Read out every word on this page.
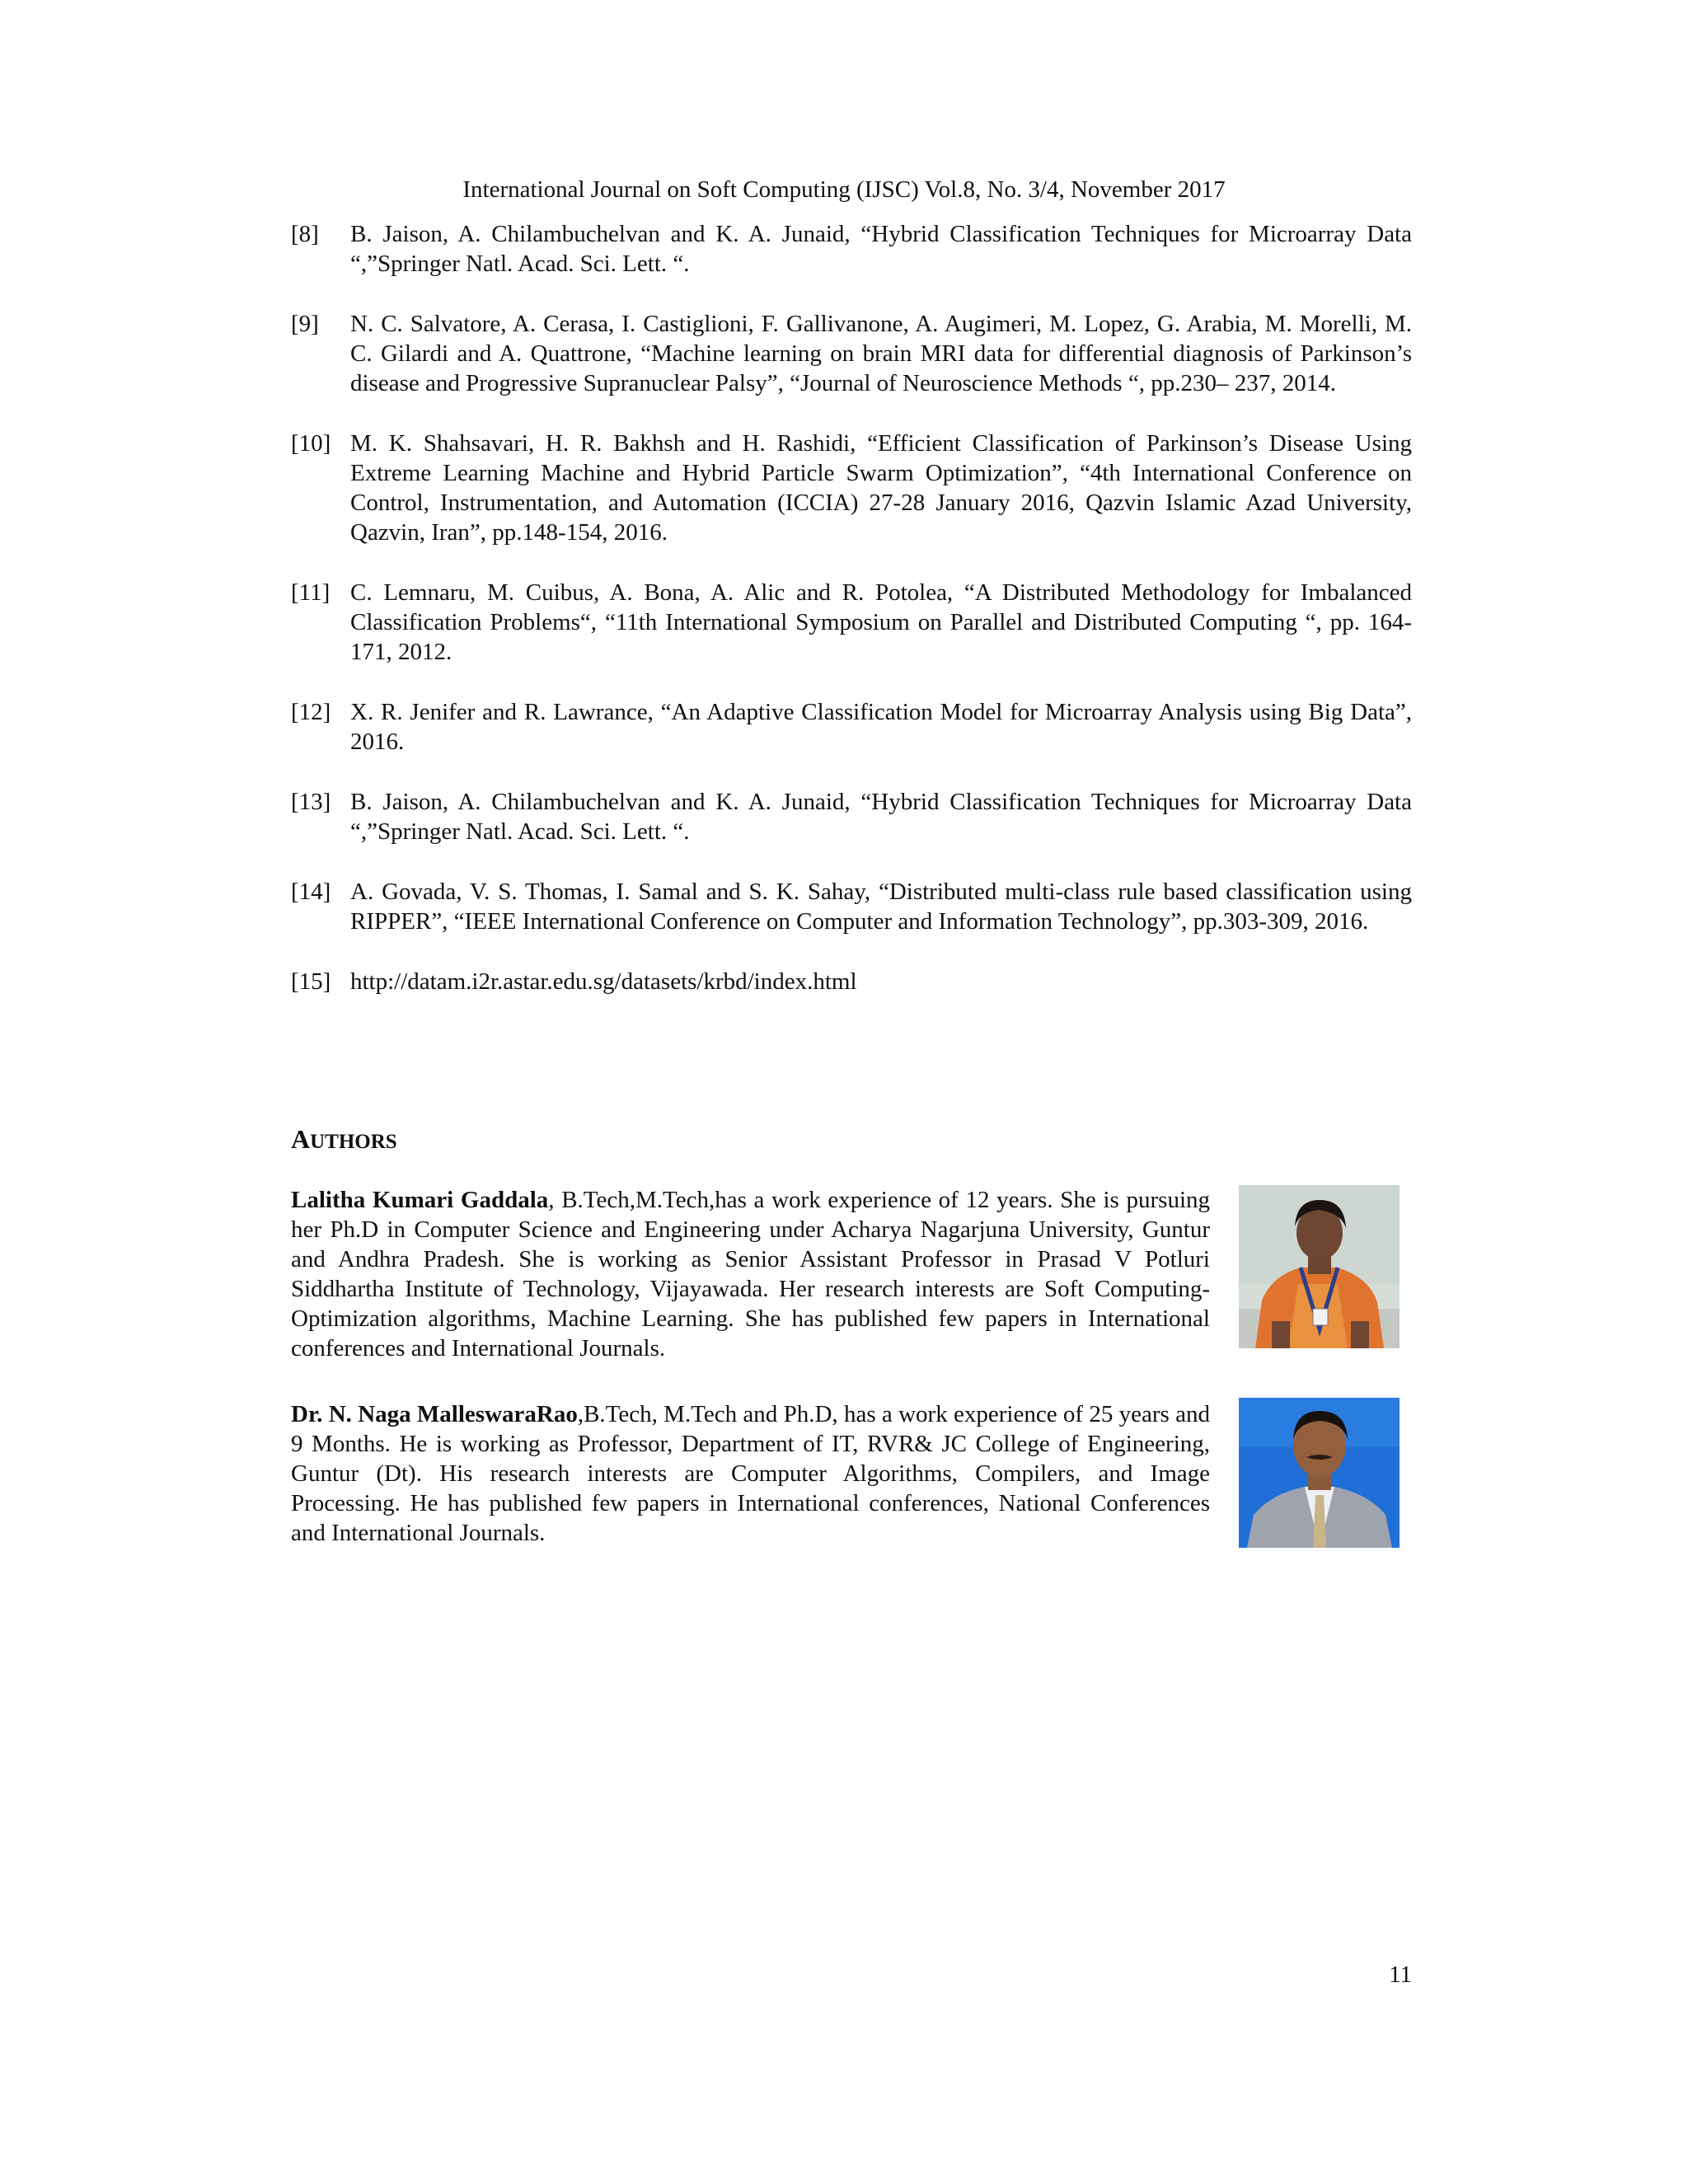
International Journal on Soft Computing (IJSC) Vol.8, No. 3/4, November 2017
[8]	B. Jaison, A. Chilambuchelvan and K. A. Junaid, “Hybrid Classification Techniques for Microarray Data “,”Springer Natl. Acad. Sci. Lett. “.
[9]	N. C. Salvatore, A. Cerasa, I. Castiglioni, F. Gallivanone, A. Augimeri, M. Lopez, G. Arabia, M. Morelli, M. C. Gilardi and A. Quattrone, “Machine learning on brain MRI data for differential diagnosis of Parkinson’s disease and Progressive Supranuclear Palsy”, “Journal of Neuroscience Methods “, pp.230– 237, 2014.
[10] M. K. Shahsavari, H. R. Bakhsh and H. Rashidi, “Efficient Classification of Parkinson’s Disease Using Extreme Learning Machine and Hybrid Particle Swarm Optimization”, “4th International Conference on Control, Instrumentation, and Automation (ICCIA) 27-28 January 2016, Qazvin Islamic Azad University, Qazvin, Iran”, pp.148-154, 2016.
[11] C. Lemnaru, M. Cuibus, A. Bona, A. Alic and R. Potolea, “A Distributed Methodology for Imbalanced Classification Problems“, “11th International Symposium on Parallel and Distributed Computing “, pp. 164-171, 2012.
[12] X. R. Jenifer and R. Lawrance, “An Adaptive Classification Model for Microarray Analysis using Big Data”, 2016.
[13] B. Jaison, A. Chilambuchelvan and K. A. Junaid, “Hybrid Classification Techniques for Microarray Data “,”Springer Natl. Acad. Sci. Lett. “.
[14] A. Govada, V. S. Thomas, I. Samal and S. K. Sahay, “Distributed multi-class rule based classification using RIPPER”, “IEEE International Conference on Computer and Information Technology”, pp.303-309, 2016.
[15] http://datam.i2r.astar.edu.sg/datasets/krbd/index.html
AUTHORS
Lalitha Kumari Gaddala, B.Tech,M.Tech,has a work experience of 12 years. She is pursuing her Ph.D in Computer Science and Engineering under Acharya Nagarjuna University, Guntur and Andhra Pradesh. She is working as Senior Assistant Professor in Prasad V Potluri Siddhartha Institute of Technology, Vijayawada. Her research interests are Soft Computing-Optimization algorithms, Machine Learning. She has published few papers in International conferences and International Journals.
Dr. N. Naga MalleswaraRao,B.Tech, M.Tech and Ph.D, has a work experience of 25 years and 9 Months. He is working as Professor, Department of IT, RVR& JC College of Engineering, Guntur (Dt). His research interests are Computer Algorithms, Compilers, and Image Processing. He has published few papers in International conferences, National Conferences and International Journals.
11
